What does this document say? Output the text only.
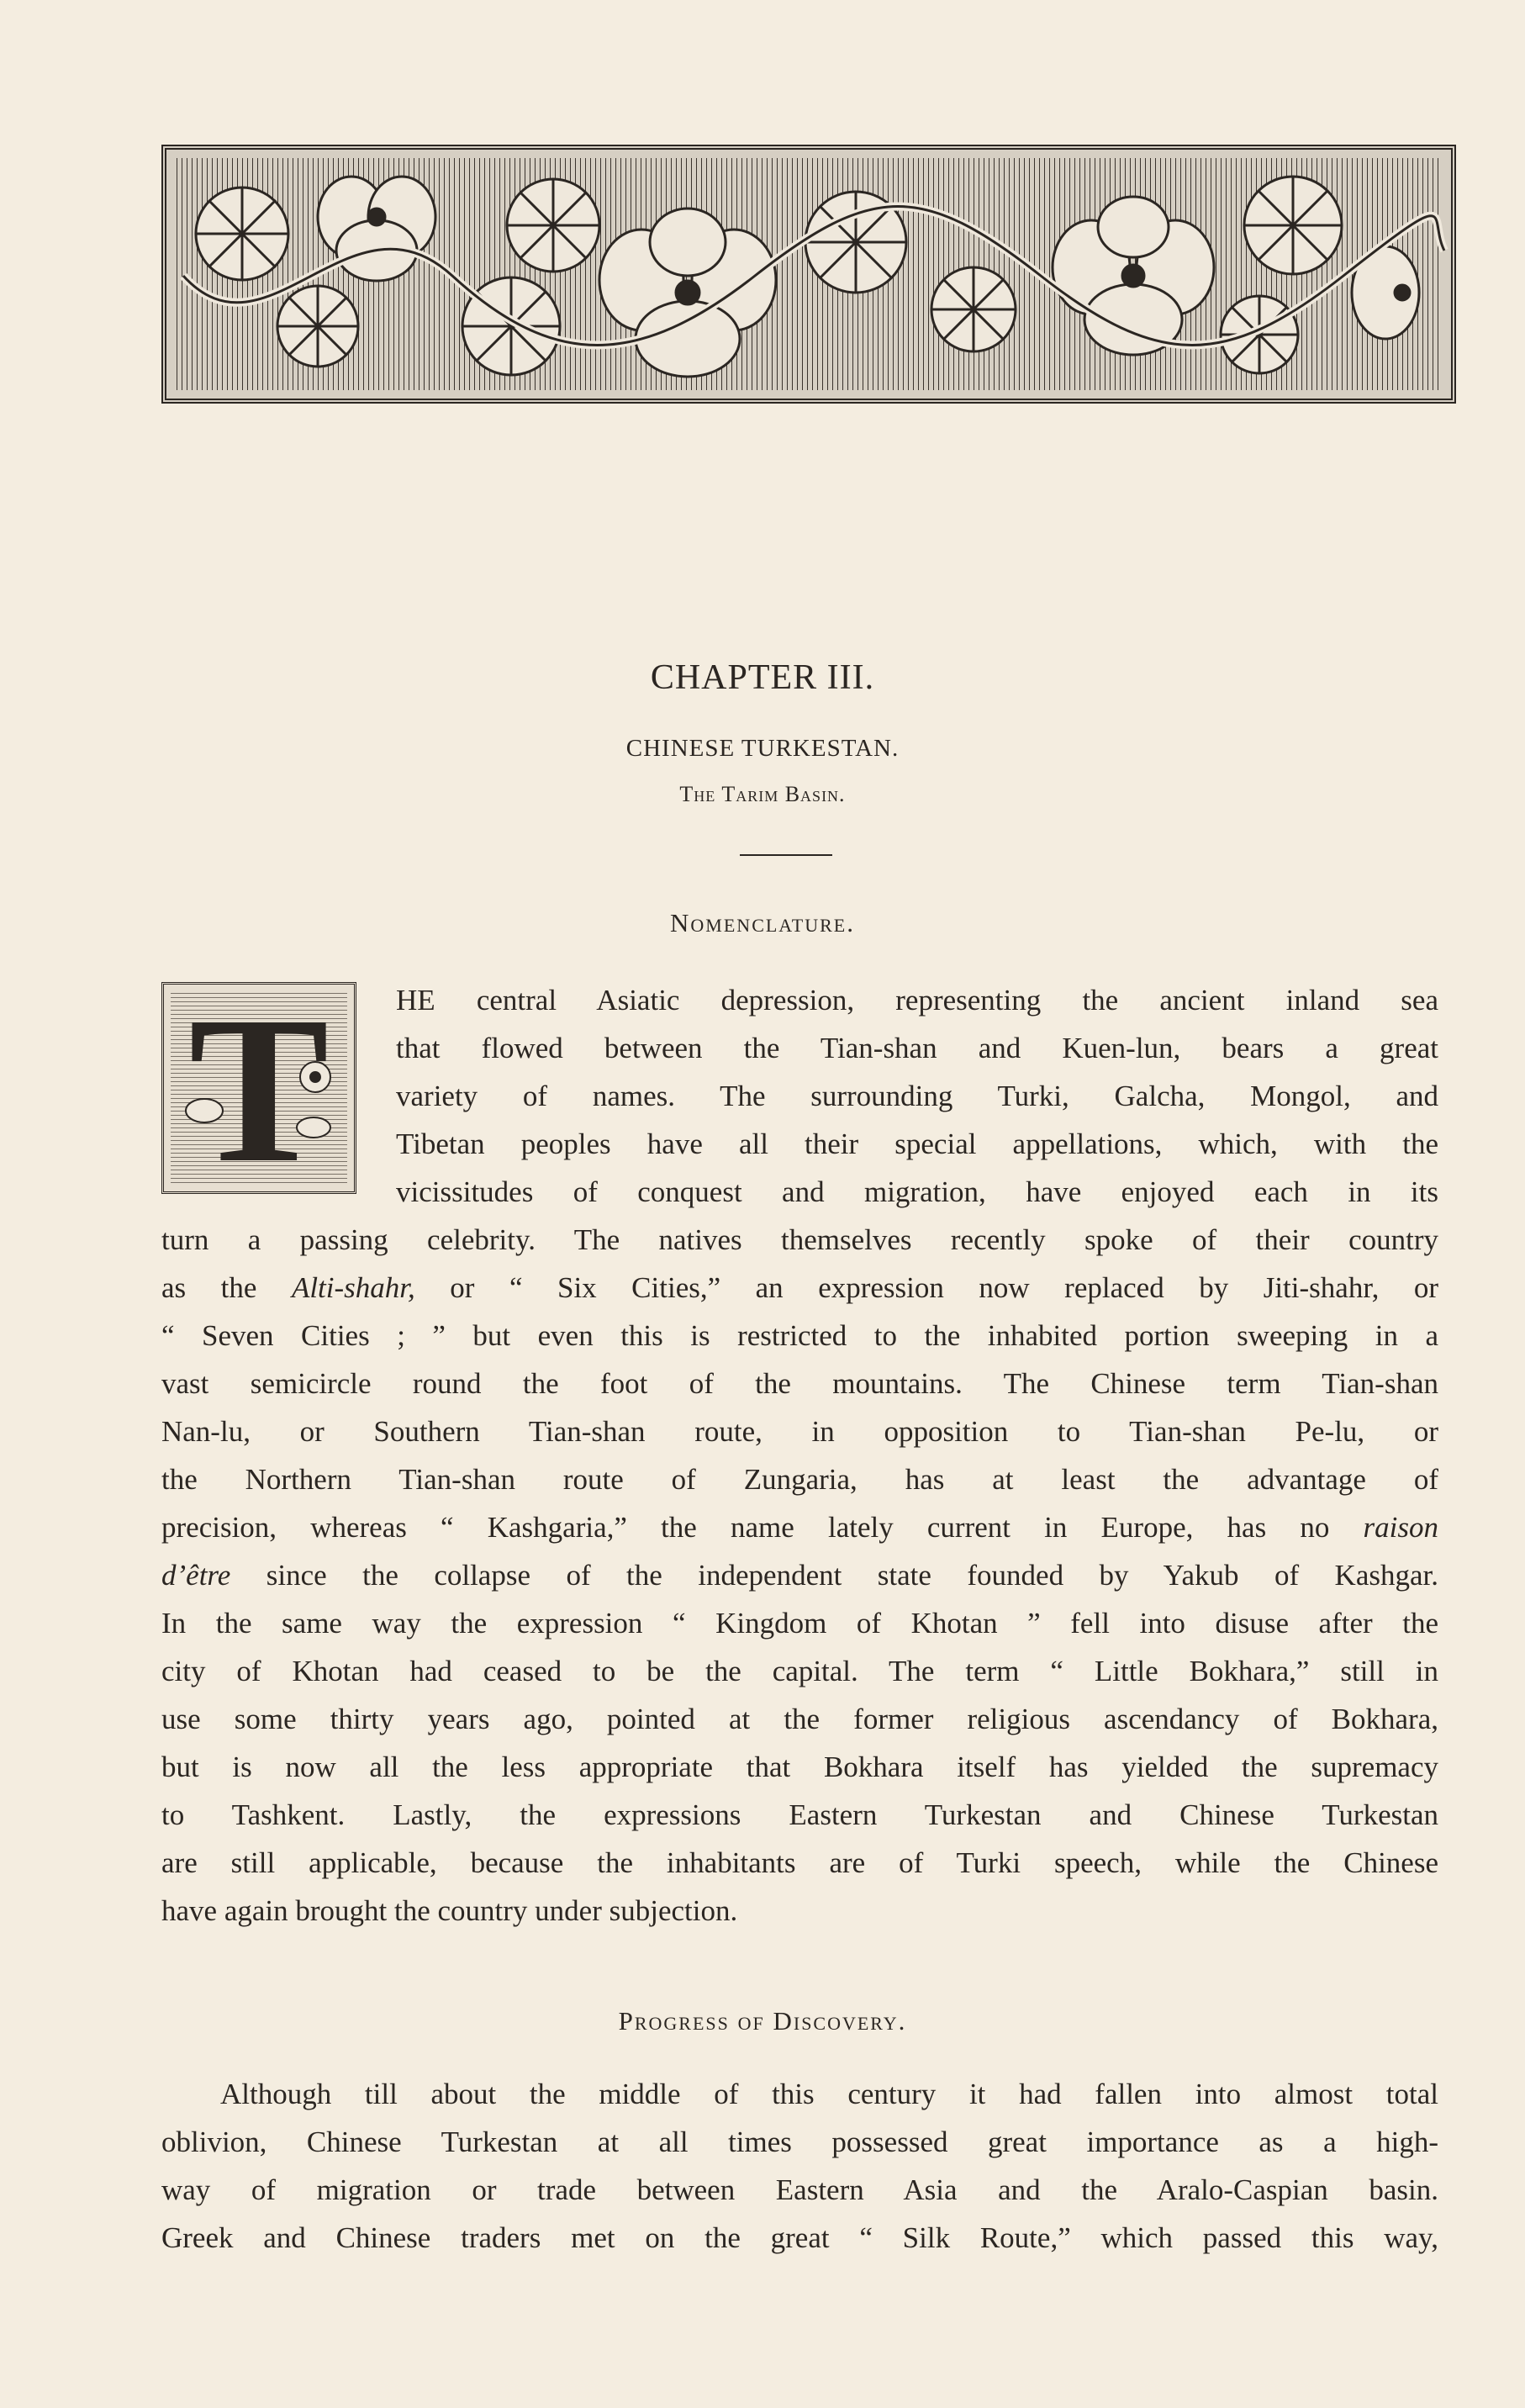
CHAPTER III.
CHINESE TURKESTAN.
The Tarim Basin.
Nomenclature.
T	HE central Asiatic depression, representing the ancient inland sea
that flowed between the Tian-shan and Kuen-lun, bears a great
variety of names. The surrounding Turki, Galcha, Mongol, and
Tibetan peoples have all their special appellations, which, with the
vicissitudes of conquest and migration, have enjoyed each in its
turn a passing celebrity. The natives themselves recently spoke of their country
as the Alti-shahr, or “ Six Cities,” an expression now replaced by Jiti-shahr, or
“ Seven Cities ; ” but even this is restricted to the inhabited portion sweeping in a
vast semicircle round the foot of the mountains. The Chinese term Tian-shan
Nan-lu, or Southern Tian-shan route, in opposition to Tian-shan Pe-lu, or
the Northern Tian-shan route of Zungaria, has at least the advantage of
precision, whereas “ Kashgaria,” the name lately current in Europe, has no raison
d’être since the collapse of the independent state founded by Yakub of Kashgar.
In the same way the expression “ Kingdom of Khotan ” fell into disuse after the
city of Khotan had ceased to be the capital. The term “ Little Bokhara,” still in
use some thirty years ago, pointed at the former religious ascendancy of Bokhara,
but is now all the less appropriate that Bokhara itself has yielded the supremacy
to Tashkent. Lastly, the expressions Eastern Turkestan and Chinese Turkestan
are still applicable, because the inhabitants are of Turki speech, while the Chinese
have again brought the country under subjection.
Progress of Discovery.
Although till about the middle of this century it had fallen into almost total
oblivion, Chinese Turkestan at all times possessed great importance as a high-
way of migration or trade between Eastern Asia and the Aralo-Caspian basin.
Greek and Chinese traders met on the great “ Silk Route,” which passed this way,
